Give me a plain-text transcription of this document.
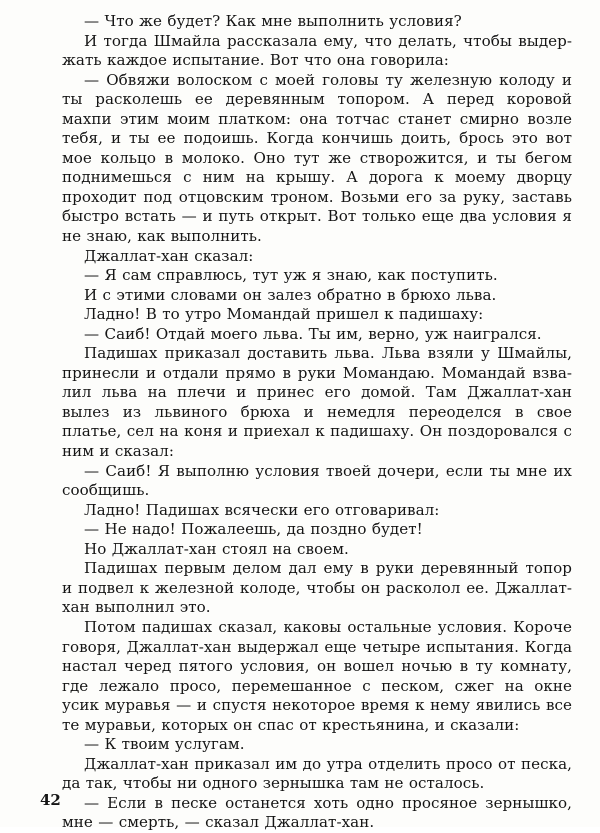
— Что же будет? Как мне выполнить условия?

И тогда Шмайла рассказала ему, что делать, чтобы выдержать каждое испытание. Вот что она говорила:

— Обвяжи волоском с моей головы ту железную колоду и ты расколешь ее деревянным топором. А перед коровой махпи этим моим платком: она тотчас станет смирно возле тебя, и ты ее подоишь. Когда кончишь доить, брось это вот мое кольцо в молоко. Оно тут же створожится, и ты бегом поднимешься с ним на крышу. А дорога к моему дворцу проходит под отцовским троном. Возьми его за руку, заставь быстро встать — и путь открыт. Вот только еще два условия я не знаю, как выполнить.

Джаллат-хан сказал:

— Я сам справлюсь, тут уж я знаю, как поступить.

И с этими словами он залез обратно в брюхо льва.

Ладно! В то утро Момандай пришел к падишаху:

— Саиб! Отдай моего льва. Ты им, верно, уж наигрался.

Падишах приказал доставить льва. Льва взяли у Шмайлы, принесли и отдали прямо в руки Момандаю. Момандай взвалил льва на плечи и принес его домой. Там Джаллат-хан вылез из львиного брюха и немедля переоделся в свое платье, сел на коня и приехал к падишаху. Он поздоровался с ним и сказал:

— Саиб! Я выполню условия твоей дочери, если ты мне их сообщишь.

Ладно! Падишах всячески его отговаривал:

— Не надо! Пожалеешь, да поздно будет!

Но Джаллат-хан стоял на своем.

Падишах первым делом дал ему в руки деревянный топор и подвел к железной колоде, чтобы он расколол ее. Джаллатхан выполнил это.

Потом падишах сказал, каковы остальные условия. Короче говоря, Джаллат-хан выдержал еще четыре испытания. Когда настал черед пятого условия, он вошел ночью в ту комнату, где лежало просо, перемешанное с песком, сжег на окне усик муравья — и спустя некоторое время к нему явились все те муравьи, которых он спас от крестьянина, и сказали:

— К твоим услугам.

Джаллат-хан приказал им до утра отделить просо от песка, да так, чтобы ни одного зернышка там не осталось.

— Если в песке останется хоть одно просяное зернышко, мне — смерть, — сказал Джаллат-хан.

42
